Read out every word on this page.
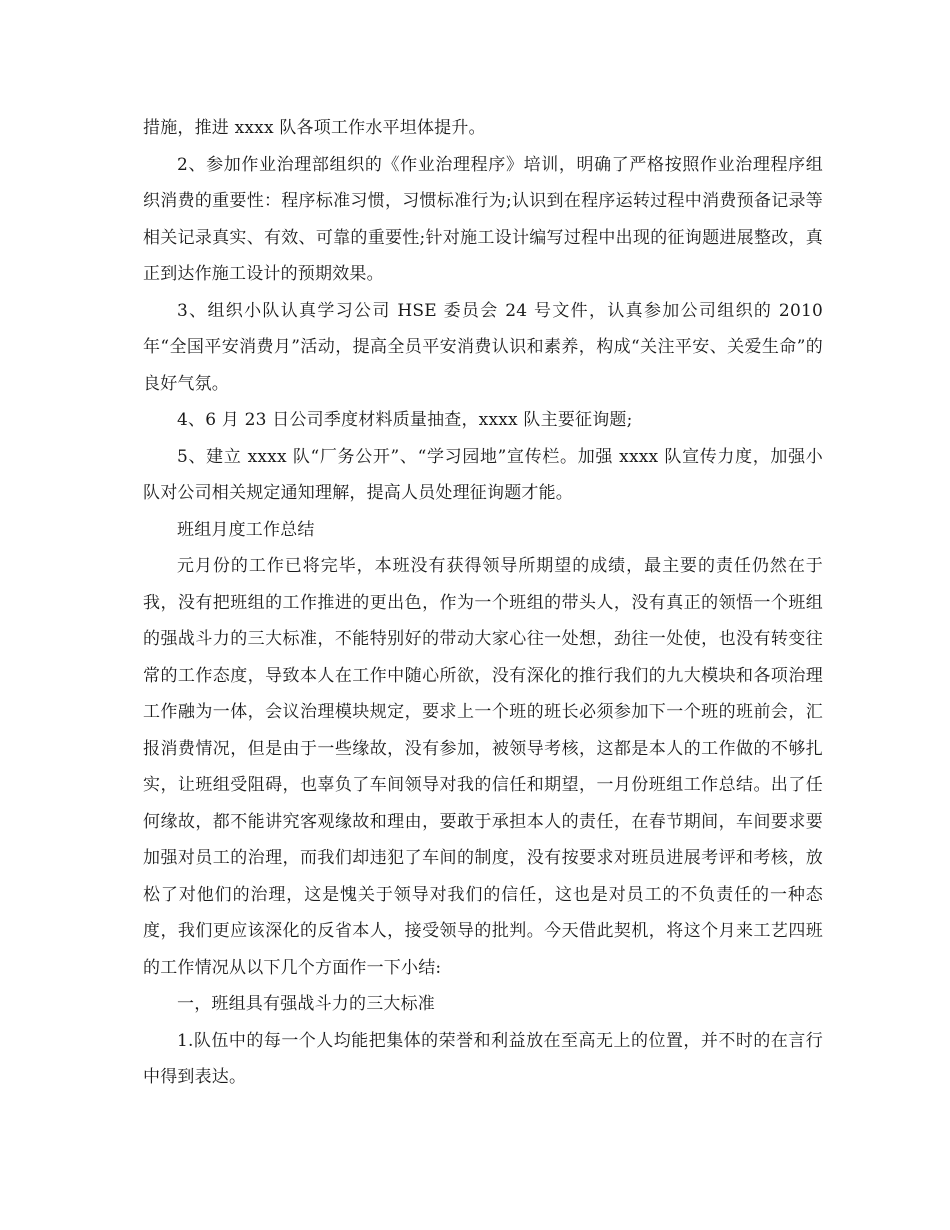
措施，推进 xxxx 队各项工作水平坦体提升。

2、参加作业治理部组织的《作业治理程序》培训，明确了严格按照作业治理程序组织消费的重要性：程序标准习惯，习惯标准行为;认识到在程序运转过程中消费预备记录等相关记录真实、有效、可靠的重要性;针对施工设计编写过程中出现的征询题进展整改，真正到达作施工设计的预期效果。

3、组织小队认真学习公司 HSE 委员会 24 号文件，认真参加公司组织的 2010 年“全国平安消费月”活动，提高全员平安消费认识和素养，构成“关注平安、关爱生命”的良好气氛。

4、6 月 23 日公司季度材料质量抽查，xxxx 队主要征询题;

5、建立 xxxx 队“厂务公开”、“学习园地”宣传栏。加强 xxxx 队宣传力度，加强小队对公司相关规定通知理解，提高人员处理征询题才能。

班组月度工作总结

元月份的工作已将完毕，本班没有获得领导所期望的成绩，最主要的责任仍然在于我，没有把班组的工作推进的更出色，作为一个班组的带头人，没有真正的领悟一个班组的强战斗力的三大标准，不能特别好的带动大家心往一处想，劲往一处使，也没有转变往常的工作态度，导致本人在工作中随心所欲，没有深化的推行我们的九大模块和各项治理工作融为一体，会议治理模块规定，要求上一个班的班长必须参加下一个班的班前会，汇报消费情况，但是由于一些缘故，没有参加，被领导考核，这都是本人的工作做的不够扎实，让班组受阻碍，也辜负了车间领导对我的信任和期望，一月份班组工作总结。出了任何缘故，都不能讲究客观缘故和理由，要敢于承担本人的责任，在春节期间，车间要求要加强对员工的治理，而我们却违犯了车间的制度，没有按要求对班员进展考评和考核，放松了对他们的治理，这是愧关于领导对我们的信任，这也是对员工的不负责任的一种态度，我们更应该深化的反省本人，接受领导的批判。今天借此契机，将这个月来工艺四班的工作情况从以下几个方面作一下小结:

一，班组具有强战斗力的三大标准

1.队伍中的每一个人均能把集体的荣誉和利益放在至高无上的位置，并不时的在言行中得到表达。
